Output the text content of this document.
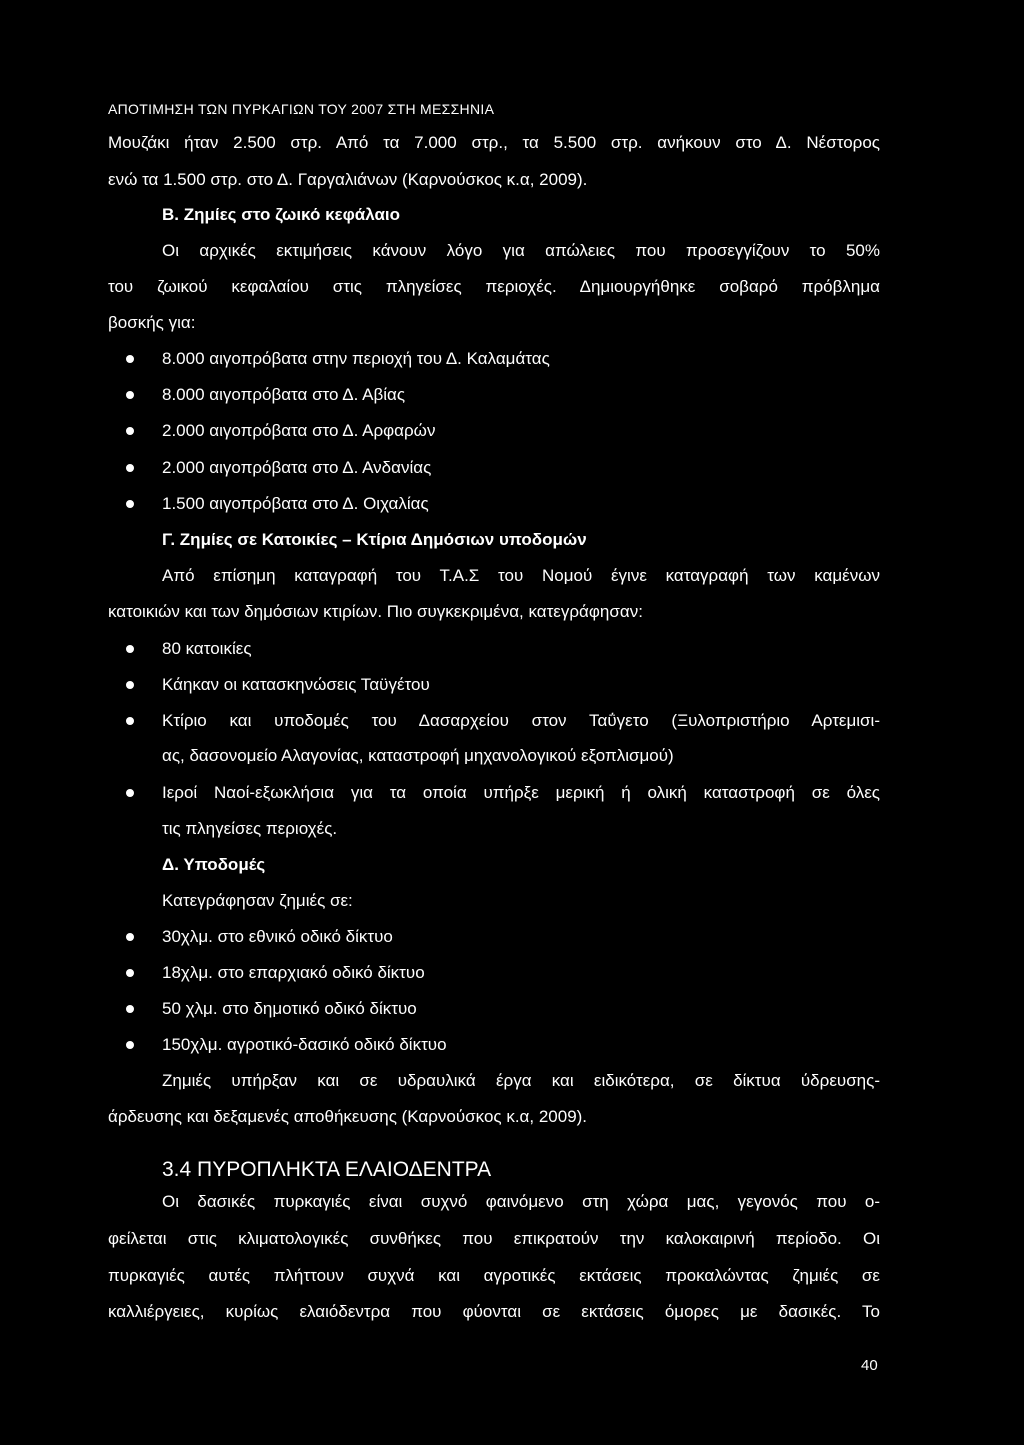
ΑΠΟΤΙΜΗΣΗ ΤΩΝ ΠΥΡΚΑΓΙΩΝ ΤΟΥ 2007 ΣΤΗ ΜΕΣΣΗΝΙΑ
Μουζάκι ήταν 2.500 στρ. Από τα 7.000 στρ., τα 5.500 στρ. ανήκουν στο Δ. Νέστορος
ενώ τα 1.500 στρ. στο Δ. Γαργαλιάνων (Καρνούσκος κ.α, 2009).
Β. Ζημίες στο ζωικό κεφάλαιο
Οι αρχικές εκτιμήσεις κάνουν λόγο για απώλειες που προσεγγίζουν το 50%
του ζωικού κεφαλαίου στις πληγείσες περιοχές. Δημιουργήθηκε σοβαρό πρόβλημα
βοσκής για:
8.000 αιγοπρόβατα στην περιοχή του Δ. Καλαμάτας
8.000 αιγοπρόβατα στο Δ. Αβίας
2.000 αιγοπρόβατα στο Δ. Αρφαρών
2.000 αιγοπρόβατα στο Δ. Ανδανίας
1.500 αιγοπρόβατα στο Δ. Οιχαλίας
Γ. Ζημίες σε Κατοικίες – Κτίρια Δημόσιων υποδομών
Από επίσημη καταγραφή του Τ.Α.Σ του Νομού έγινε καταγραφή των καμένων
κατοικιών και των δημόσιων κτιρίων. Πιο συγκεκριμένα, κατεγράφησαν:
80 κατοικίες
Κάηκαν οι κατασκηνώσεις Ταϋγέτου
Κτίριο και υποδομές του Δασαρχείου στον Ταΰγετο (Ξυλοπριστήριο Αρτεμισι-
ας, δασονομείο Αλαγονίας, καταστροφή μηχανολογικού εξοπλισμού)
Ιεροί Ναοί-εξωκλήσια για τα οποία υπήρξε μερική ή ολική καταστροφή σε όλες
τις πληγείσες περιοχές.
Δ. Υποδομές
Κατεγράφησαν ζημιές σε:
30χλμ. στο εθνικό οδικό δίκτυο
18χλμ. στο επαρχιακό οδικό δίκτυο
50 χλμ. στο δημοτικό οδικό δίκτυο
150χλμ. αγροτικό-δασικό οδικό δίκτυο
Ζημιές υπήρξαν και σε υδραυλικά έργα και ειδικότερα, σε δίκτυα ύδρευσης-
άρδευσης και δεξαμενές αποθήκευσης (Καρνούσκος κ.α, 2009).
3.4 ΠΥΡΟΠΛΗΚΤΑ ΕΛΑΙΟΔΕΝΤΡΑ
Οι δασικές πυρκαγιές είναι συχνό φαινόμενο στη χώρα μας, γεγονός που ο-
φείλεται στις κλιματολογικές συνθήκες που επικρατούν την καλοκαιρινή περίοδο. Οι
πυρκαγιές αυτές πλήττουν συχνά και αγροτικές εκτάσεις προκαλώντας ζημιές σε
καλλιέργειες, κυρίως ελαιόδεντρα που φύονται σε εκτάσεις όμορες με δασικές. Το
40
